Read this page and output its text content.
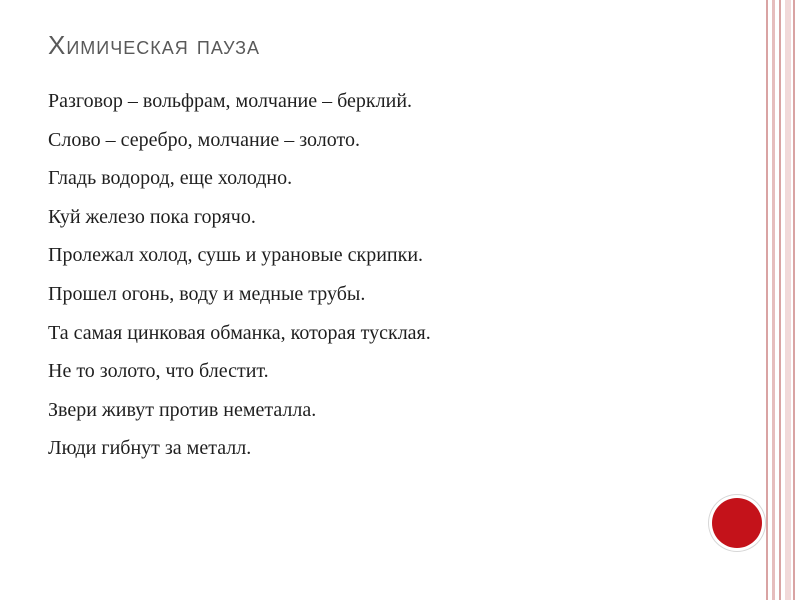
Химическая пауза
Разговор – вольфрам, молчание – берклий.
Слово – серебро, молчание – золото.
Гладь водород, еще холодно.
Куй железо пока горячо.
Пролежал холод, сушь и урановые скрипки.
Прошел огонь, воду и медные трубы.
Та самая цинковая обманка, которая тусклая.
Не то золото, что блестит.
Звери живут против неметалла.
Люди гибнут за металл.
